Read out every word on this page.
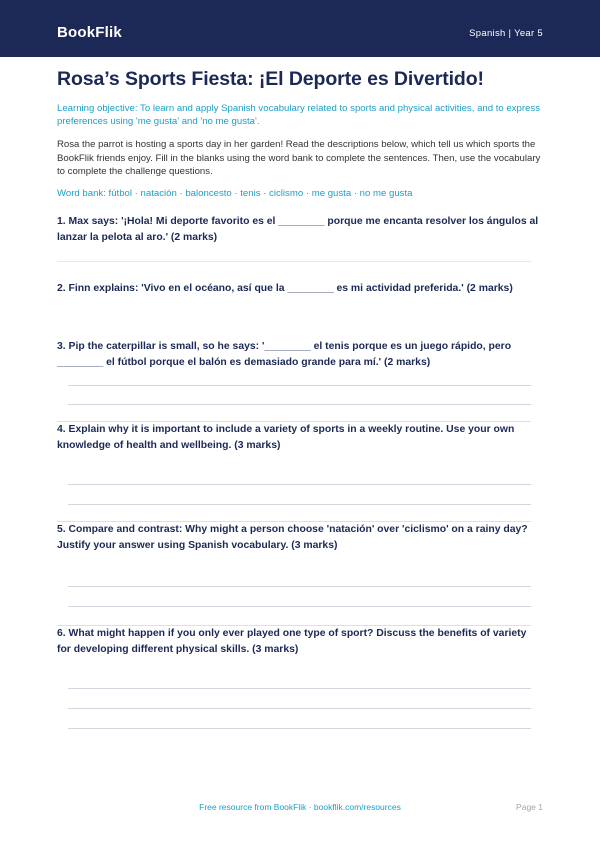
BookFlik	Spanish | Year 5
Rosa’s Sports Fiesta: ¡El Deporte es Divertido!
Learning objective: To learn and apply Spanish vocabulary related to sports and physical activities, and to express preferences using 'me gusta' and 'no me gusta'.
Rosa the parrot is hosting a sports day in her garden! Read the descriptions below, which tell us which sports the BookFlik friends enjoy. Fill in the blanks using the word bank to complete the sentences. Then, use the vocabulary to complete the challenge questions.
Word bank: fútbol · natación · baloncesto · tenis · ciclismo · me gusta · no me gusta
1. Max says: '¡Hola! Mi deporte favorito es el ________ porque me encanta resolver los ángulos al lanzar la pelota al aro.' (2 marks)
2. Finn explains: 'Vivo en el océano, así que la ________ es mi actividad preferida.' (2 marks)
3. Pip the caterpillar is small, so he says: '________ el tenis porque es un juego rápido, pero ________ el fútbol porque el balón es demasiado grande para mí.' (2 marks)
4. Explain why it is important to include a variety of sports in a weekly routine. Use your own knowledge of health and wellbeing. (3 marks)
5. Compare and contrast: Why might a person choose 'natación' over 'ciclismo' on a rainy day? Justify your answer using Spanish vocabulary. (3 marks)
6. What might happen if you only ever played one type of sport? Discuss the benefits of variety for developing different physical skills. (3 marks)
Free resource from BookFlik · bookflik.com/resources	Page 1
